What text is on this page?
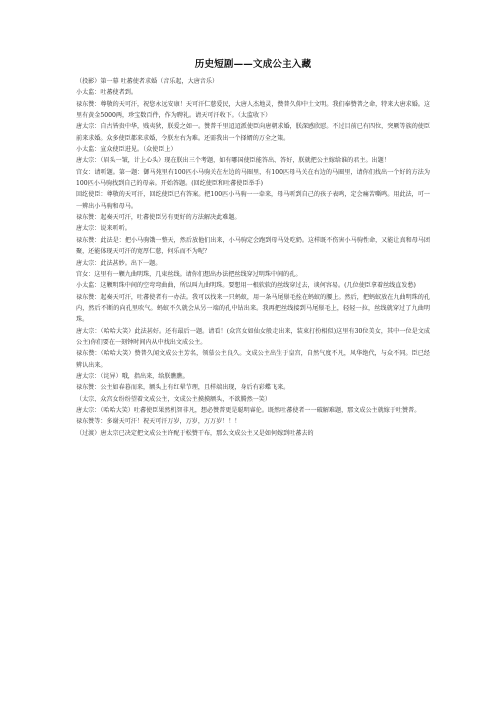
历史短剧——文成公主入藏

（投影）第一幕 吐蕃使者求婚（音乐起，大唐音乐）

小太监：吐蕃使者到。

禄东赞：尊敬的天可汗，祝您永远安康！天可汗仁慈爱民，大唐人杰地灵，赞普久仰中土文明。我们奉赞普之命，特来大唐求婚。这里有黄金5000两，珍宝数百件，作为聘礼。请天可汗收下。（太监收下）

唐太宗：自古皆贵中华，贱夷狄，朕爱之如一。赞普千里迢迢派使臣向唐朝求婚，朕深感欣慰。不过目前已有四位，突厥等族的使臣前来求婚。众多使臣都来求婚，令朕左右为难。还需我出一个择婿的万全之策。

小太监：宣众使臣进见。（众使臣上）

唐太宗：（眉头一皱，计上心头）现在朕出三个考题，如有哪国使臣能答出、答好，朕就把公主嫁给谁的君主。出题！

宫女：请听题。第一题：御马苑里有100匹小马驹关在左边的马圈里，有100匹母马关在右边的马圈里，请你们找出一个好的方法为100匹小马驹找到自己的母亲。开始答题。(回纥使臣和吐蕃使臣举手)

回纥使臣：尊敬的天可汗，回纥使臣已有答案。把100匹小马驹一一牵来，母马听到自己的孩子表鸣，定会痛苦嘶鸣。用此法，可一一辨出小马驹和母马。

禄东赞：起奏天可汗，吐蕃使臣另有更好的方法解决此难题。

唐太宗：说来听听。

禄东赞：此法是：把小马驹饿一整天，然后放他们出来，小马驹定会跑到母马处吃奶。这样既不伤害小马驹性命，又能让真和母马团聚，还能体现天可汗的宽厚仁慈，何乐而不为呢？

唐太宗：此法甚妙。出下一题。

宫女：这里有一颗九曲明珠，几束丝线。请你们想出办法把丝线穿过明珠中间的孔。

小太监：这颗明珠中间的空弯弯曲曲，所以叫九曲明珠。要想用一根软软的丝线穿过去，谈何容易。(几位使臣拿着丝线直发愁)

禄东赞：起奏天可汗，吐蕃使者有一办法。我可以找来一只蚂蚁，用一条马尾鬃毛拴在蚂蚁的腰上。然后，把蚂蚁放在九曲明珠的孔内，然后不断的向孔里吹气。蚂蚁不久就会从另一端的孔中钻出来。我再把丝线接到马尾鬃毛上，轻轻一拉，丝线就穿过了九曲明珠。

唐太宗：（哈哈大笑）此法甚好。还有最后一题。请看！(众宫女如仙女般走出来，装束打扮相似)这里有30位美女，其中一位是文成公主)你们要在一刻钟时间内从中找出文成公主。

禄东赞：（哈哈大笑）赞普久闻文成公主芳名，领慕公主良久。文成公主出生于皇宫，自然气度不凡，风华绝代，与众不同。臣已经辨认出来。

唐太宗：（诧异）哦，指出来，给朕瞧瞧。

禄东赞：公主如春暮而来，额头上有红晕节理，且样端出现，身后有彩蝶飞来。

（太宗、众宫女纷纷望着文成公主，文成公主摸摸额头，不欲腾然一笑）

唐太宗：（哈哈大笑）吐蕃使臣果然机智非凡，想必赞普更是聪明睿伦。既然吐蕃使者一一破解难题，那文成公主就嫁于吐赞普。

禄东赞等：多谢天可汗！祝天可汗万岁，万岁，万万岁！！！

（过渡）唐太宗已决定把文成公主许配于松赞干布，那么文成公主又是如何嫁到吐蕃去的
